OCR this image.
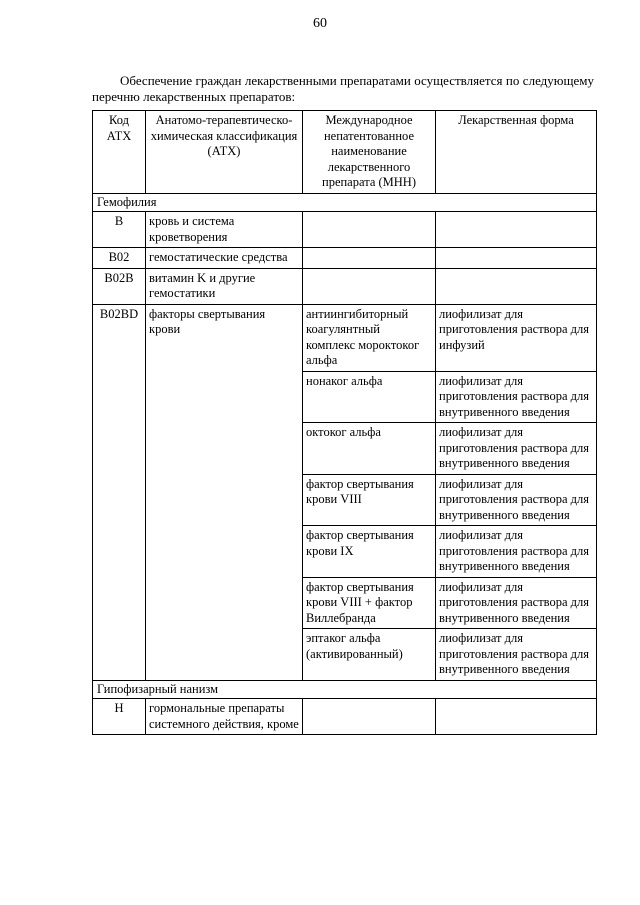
60

Обеспечение граждан лекарственными препаратами осуществляется по следующему перечню лекарственных препаратов:

Код АТХ	Анатомо-терапевтическо-химическая классификация (АТХ)	Международное непатентованное наименование лекарственного препарата (МНН)	Лекарственная форма
Гемофилия			
B	кровь и система кроветворения		
B02	гемостатические средства		
B02B	витамин K и другие гемостатики		
B02BD	факторы свертывания крови	антиингибиторный коагулянтный комплекс мороктоког альфа	лиофилизат для приготовления раствора для инфузий
		нонаког альфа	лиофилизат для приготовления раствора для внутривенного введения
		октоког альфа	лиофилизат для приготовления раствора для внутривенного введения
		фактор свертывания крови VIII	лиофилизат для приготовления раствора для внутривенного введения
		фактор свертывания крови IX	лиофилизат для приготовления раствора для внутривенного введения
		фактор свертывания крови VIII + фактор Виллебранда	лиофилизат для приготовления раствора для внутривенного введения
		эптаког альфа (активированный)	лиофилизат для приготовления раствора для внутривенного введения
Гипофизарный нанизм			
H	гормональные препараты системного действия, кроме		
